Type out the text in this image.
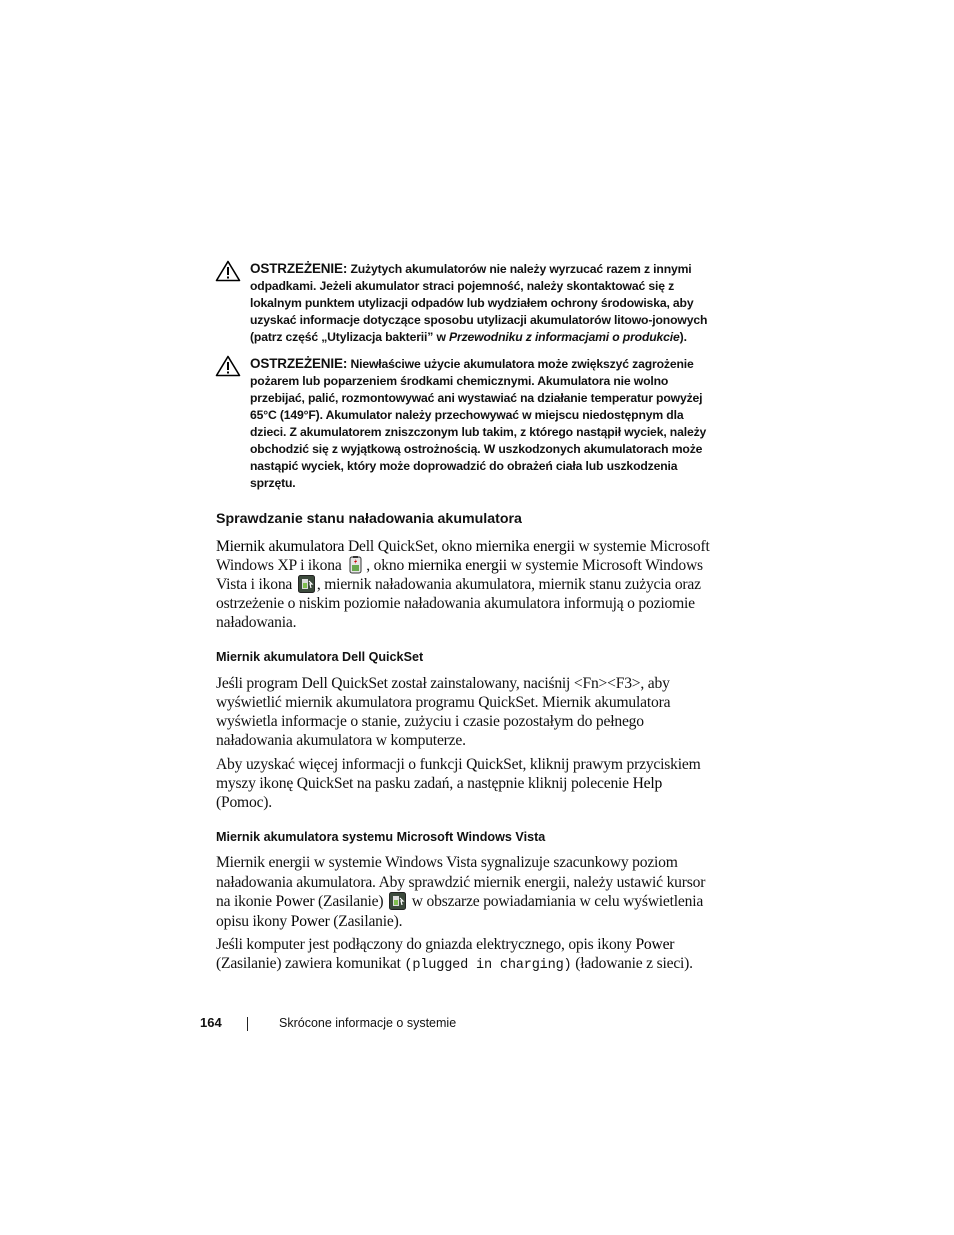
OSTRZEŻENIE: Zużytych akumulatorów nie należy wyrzucać razem z innymi odpadkami. Jeżeli akumulator straci pojemność, należy skontaktować się z lokalnym punktem utylizacji odpadów lub wydziałem ochrony środowiska, aby uzyskać informacje dotyczące sposobu utylizacji akumulatorów litowo-jonowych (patrz część „Utylizacja bakterii” w Przewodniku z informacjami o produkcie).
OSTRZEŻENIE: Niewłaściwe użycie akumulatora może zwiększyć zagrożenie pożarem lub poparzeniem środkami chemicznymi. Akumulatora nie wolno przebijać, palić, rozmontowywać ani wystawiać na działanie temperatur powyżej 65°C (149°F). Akumulator należy przechowywać w miejscu niedostępnym dla dzieci. Z akumulatorem zniszczonym lub takim, z którego nastąpił wyciek, należy obchodzić się z wyjątkową ostrożnością. W uszkodzonych akumulatorach może nastąpić wyciek, który może doprowadzić do obrażeń ciała lub uszkodzenia sprzętu.
Sprawdzanie stanu naładowania akumulatora
Miernik akumulatora Dell QuickSet, okno miernika energii w systemie Microsoft Windows XP i ikona , okno miernika energii w systemie Microsoft Windows Vista i ikona , miernik naładowania akumulatora, miernik stanu zużycia oraz ostrzeżenie o niskim poziomie naładowania akumulatora informują o poziomie naładowania.
Miernik akumulatora Dell QuickSet
Jeśli program Dell QuickSet został zainstalowany, naciśnij <Fn><F3>, aby wyświetlić miernik akumulatora programu QuickSet. Miernik akumulatora wyświetla informacje o stanie, zużyciu i czasie pozostałym do pełnego naładowania akumulatora w komputerze.
Aby uzyskać więcej informacji o funkcji QuickSet, kliknij prawym przyciskiem myszy ikonę QuickSet na pasku zadań, a następnie kliknij polecenie Help (Pomoc).
Miernik akumulatora systemu Microsoft Windows Vista
Miernik energii w systemie Windows Vista sygnalizuje szacunkowy poziom naładowania akumulatora. Aby sprawdzić miernik energii, należy ustawić kursor na ikonie Power (Zasilanie)  w obszarze powiadamiania w celu wyświetlenia opisu ikony Power (Zasilanie).
Jeśli komputer jest podłączony do gniazda elektrycznego, opis ikony Power (Zasilanie) zawiera komunikat (plugged in charging) (ładowanie z sieci).
164	Skrócone informacje o systemie
